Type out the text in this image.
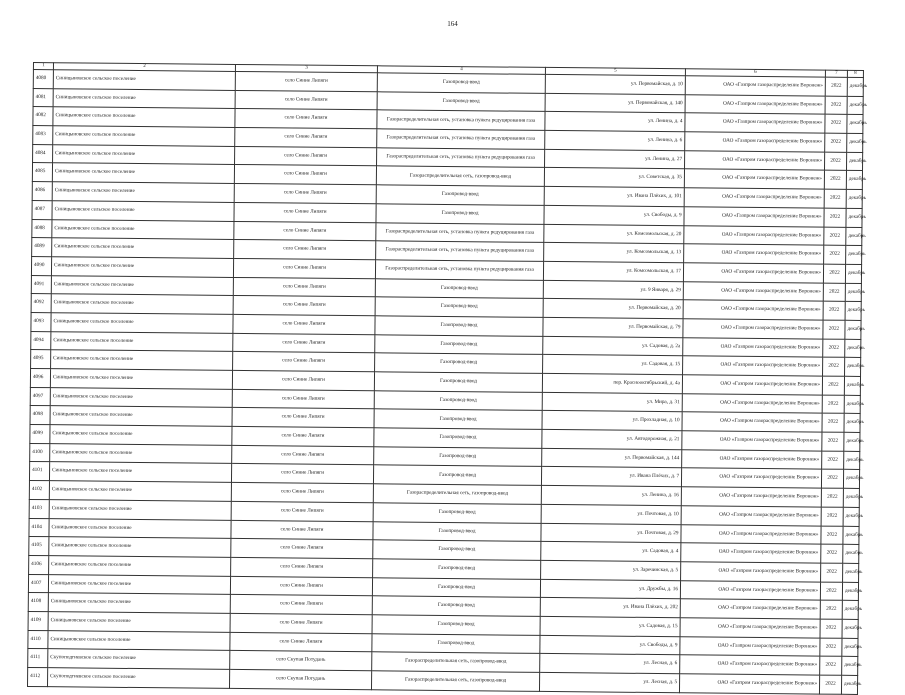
164
1	2	3	4	5	6	7	8
4080	Синицыновское сельское поселение	село Синие Липяги	Газопровод-ввод	ул. Первомайская, д. 10	ОАО «Газпром газораспределение Воронеж»	2022	декабрь
4081	Синицыновское сельское поселение	село Синие Липяги	Газопровод-ввод	ул. Первомайская, д. 140	ОАО «Газпром газораспределение Воронеж»	2022	декабрь
4082	Синицыновское сельское поселение	село Синие Липяги	Газораспределительная сеть, установка пункта редуцирования газа	ул. Ленина, д. 4	ОАО «Газпром газораспределение Воронеж»	2022	декабрь
4083	Синицыновское сельское поселение	село Синие Липяги	Газораспределительная сеть, установка пункта редуцирования газа	ул. Ленина, д. 6	ОАО «Газпром газораспределение Воронеж»	2022	декабрь
4084	Синицыновское сельское поселение	село Синие Липяги	Газораспределительная сеть, установка пункта редуцирования газа	ул. Ленина, д. 27	ОАО «Газпром газораспределение Воронеж»	2022	декабрь
4085	Синицыновское сельское поселение	село Синие Липяги	Газораспределительная сеть, газопровод-ввод	ул. Советская, д. 35	ОАО «Газпром газораспределение Воронеж»	2022	декабрь
4086	Синицыновское сельское поселение	село Синие Липяги	Газопровод-ввод	ул. Ивана Плёхих, д. 101	ОАО «Газпром газораспределение Воронеж»	2022	декабрь
4087	Синицыновское сельское поселение	село Синие Липяги	Газопровод-ввод	ул. Свободы, д. 9	ОАО «Газпром газораспределение Воронеж»	2022	декабрь
4088	Синицыновское сельское поселение	село Синие Липяги	Газораспределительная сеть, установка пункта редуцирования газа	ул. Комсомольская, д. 20	ОАО «Газпром газораспределение Воронеж»	2022	декабрь
4089	Синицыновское сельское поселение	село Синие Липяги	Газораспределительная сеть, установка пункта редуцирования газа	ул. Комсомольская, д. 13	ОАО «Газпром газораспределение Воронеж»	2022	декабрь
4090	Синицыновское сельское поселение	село Синие Липяги	Газораспределительная сеть, установка пункта редуцирования газа	ул. Комсомольская, д. 17	ОАО «Газпром газораспределение Воронеж»	2022	декабрь
4091	Синицыновское сельское поселение	село Синие Липяги	Газопровод-ввод	ул. 9 Января, д. 29	ОАО «Газпром газораспределение Воронеж»	2022	декабрь
4092	Синицыновское сельское поселение	село Синие Липяги	Газопровод-ввод	ул. Первомайская, д. 20	ОАО «Газпром газораспределение Воронеж»	2022	декабрь
4093	Синицыновское сельское поселение	село Синие Липяги	Газопровод-ввод	ул. Первомайская, д. 79	ОАО «Газпром газораспределение Воронеж»	2022	декабрь
4094	Синицыновское сельское поселение	село Синие Липяги	Газопровод-ввод	ул. Садовая, д. 2а	ОАО «Газпром газораспределение Воронеж»	2022	декабрь
4095	Синицыновское сельское поселение	село Синие Липяги	Газопровод-ввод	ул. Садовая, д. 15	ОАО «Газпром газораспределение Воронеж»	2022	декабрь
4096	Синицыновское сельское поселение	село Синие Липяги	Газопровод-ввод	пер. Краснооктябрьский, д. 4а	ОАО «Газпром газораспределение Воронеж»	2022	декабрь
4097	Синицыновское сельское поселение	село Синие Липяги	Газопровод-ввод	ул. Мира, д. 31	ОАО «Газпром газораспределение Воронеж»	2022	декабрь
4098	Синицыновское сельское поселение	село Синие Липяги	Газопровод-ввод	ул. Прохладная, д. 10	ОАО «Газпром газораспределение Воронеж»	2022	декабрь
4099	Синицыновское сельское поселение	село Синие Липяги	Газопровод-ввод	ул. Автодорожная, д. 21	ОАО «Газпром газораспределение Воронеж»	2022	декабрь
4100	Синицыновское сельское поселение	село Синие Липяги	Газопровод-ввод	ул. Первомайская, д. 144	ОАО «Газпром газораспределение Воронеж»	2022	декабрь
4101	Синицыновское сельское поселение	село Синие Липяги	Газопровод-ввод	ул. Ивана Плёхих, д. 7	ОАО «Газпром газораспределение Воронеж»	2022	декабрь
4102	Синицыновское сельское поселение	село Синие Липяги	Газораспределительная сеть, газопровод-ввод	ул. Ленина, д. 16	ОАО «Газпром газораспределение Воронеж»	2022	декабрь
4103	Синицыновское сельское поселение	село Синие Липяги	Газопровод-ввод	ул. Почтовая, д. 10	ОАО «Газпром газораспределение Воронеж»	2022	декабрь
4104	Синицыновское сельское поселение	село Синие Липяги	Газопровод-ввод	ул. Почтовая, д. 29	ОАО «Газпром газораспределение Воронеж»	2022	декабрь
4105	Синицыновское сельское поселение	село Синие Липяги	Газопровод-ввод	ул. Садовая, д. 4	ОАО «Газпром газораспределение Воронеж»	2022	декабрь
4106	Синицыновское сельское поселение	село Синие Липяги	Газопровод-ввод	ул. Заречинская, д. 5	ОАО «Газпром газораспределение Воронеж»	2022	декабрь
4107	Синицыновское сельское поселение	село Синие Липяги	Газопровод-ввод	ул. Дружбы, д. 16	ОАО «Газпром газораспределение Воронеж»	2022	декабрь
4108	Синицыновское сельское поселение	село Синие Липяги	Газопровод-ввод	ул. Ивана Плёхих, д. 202	ОАО «Газпром газораспределение Воронеж»	2022	декабрь
4109	Синицыновское сельское поселение	село Синие Липяги	Газопровод-ввод	ул. Садовая, д. 15	ОАО «Газпром газораспределение Воронеж»	2022	декабрь
4110	Синицыновское сельское поселение	село Синие Липяги	Газопровод-ввод	ул. Свободы, д. 9	ОАО «Газпром газораспределение Воронеж»	2022	декабрь
4111	Скупоподгиевское сельское поселение	село Скупая Потудань	Газораспределительная сеть, газопровод-ввод	ул. Лесная, д. 6	ОАО «Газпром газораспределение Воронеж»	2022	декабрь
4112	Скупоподгиевское сельское поселение	село Скупая Потудань	Газораспределительная сеть, газопровод-ввод	ул. Лесная, д. 5	ОАО «Газпром газораспределение Воронеж»	2022	декабрь
